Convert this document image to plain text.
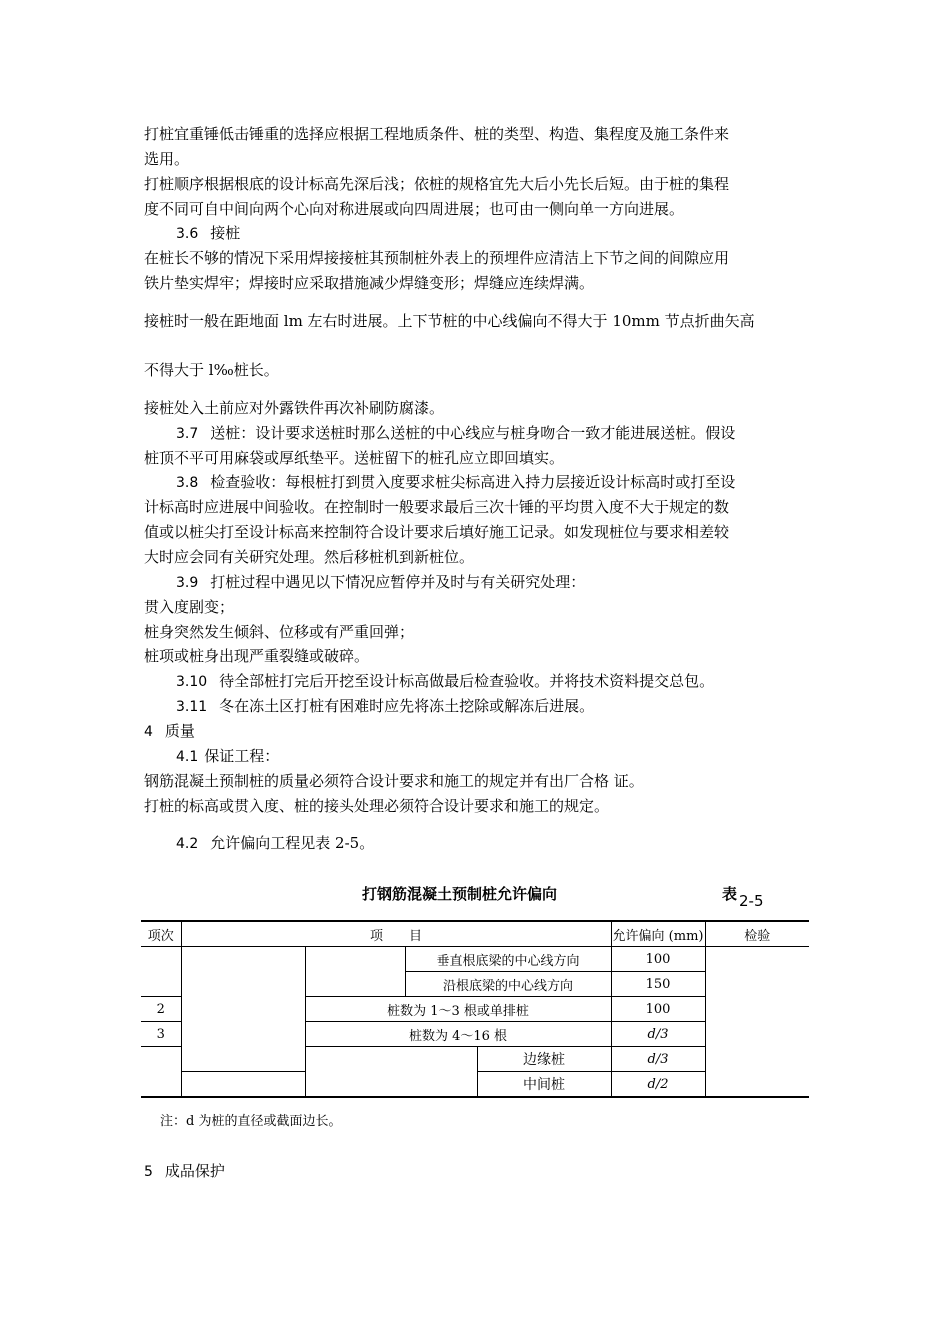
打桩宜重锤低击锤重的选择应根据工程地质条件、桩的类型、构造、集程度及施工条件来
选用。
打桩顺序根据根底的设计标高先深后浅；依桩的规格宜先大后小先长后短。由于桩的集程
度不同可自中间向两个心向对称进展或向四周进展；也可由一侧向单一方向进展。
3.6 接桩
在桩长不够的情况下采用焊接接桩其预制桩外表上的预埋件应清洁上下节之间的间隙应用
铁片垫实焊牢；焊接时应采取措施减少焊缝变形；焊缝应连续焊满。
接桩时一般在距地面 lm 左右时进展。上下节桩的中心线偏向不得大于 10mm 节点折曲矢高
不得大于 l‰桩长。
接桩处入土前应对外露铁件再次补刷防腐漆。
3.7 送桩：设计要求送桩时那么送桩的中心线应与桩身吻合一致才能进展送桩。假设
桩顶不平可用麻袋或厚纸垫平。送桩留下的桩孔应立即回填实。
3.8 检查验收：每根桩打到贯入度要求桩尖标高进入持力层接近设计标高时或打至设
计标高时应进展中间验收。在控制时一般要求最后三次十锤的平均贯入度不大于规定的数
值或以桩尖打至设计标高来控制符合设计要求后填好施工记录。如发现桩位与要求相差较
大时应会同有关研究处理。然后移桩机到新桩位。
3.9 打桩过程中遇见以下情况应暂停并及时与有关研究处理：
贯入度剧变；
桩身突然发生倾斜、位移或有严重回弹；
桩项或桩身出现严重裂缝或破碎。
3.10 待全部桩打完后开挖至设计标高做最后检查验收。并将技术资料提交总包。
3.11 冬在冻土区打桩有困难时应先将冻土挖除或解冻后进展。
4 质量
4.1 保证工程：
钢筋混凝土预制桩的质量必须符合设计要求和施工的规定并有出厂合格 证。
打桩的标高或贯入度、桩的接头处理必须符合设计要求和施工的规定。
4.2 允许偏向工程见表 2-5。
打钢筋混凝土预制桩允许偏向	表 $_{2-5}$
项次	项　　目				允许偏向 (mm)	检验
			垂直根底梁的中心线方向		100	
			沿根底梁的中心线方向		150	
2		桩数为 1～3 根或单排桩			100	
3		桩数为 4～16 根			d/3	
				边缘桩	d/3	
				中间桩	d/2	
注：d 为桩的直径或截面边长。
5 成品保护
